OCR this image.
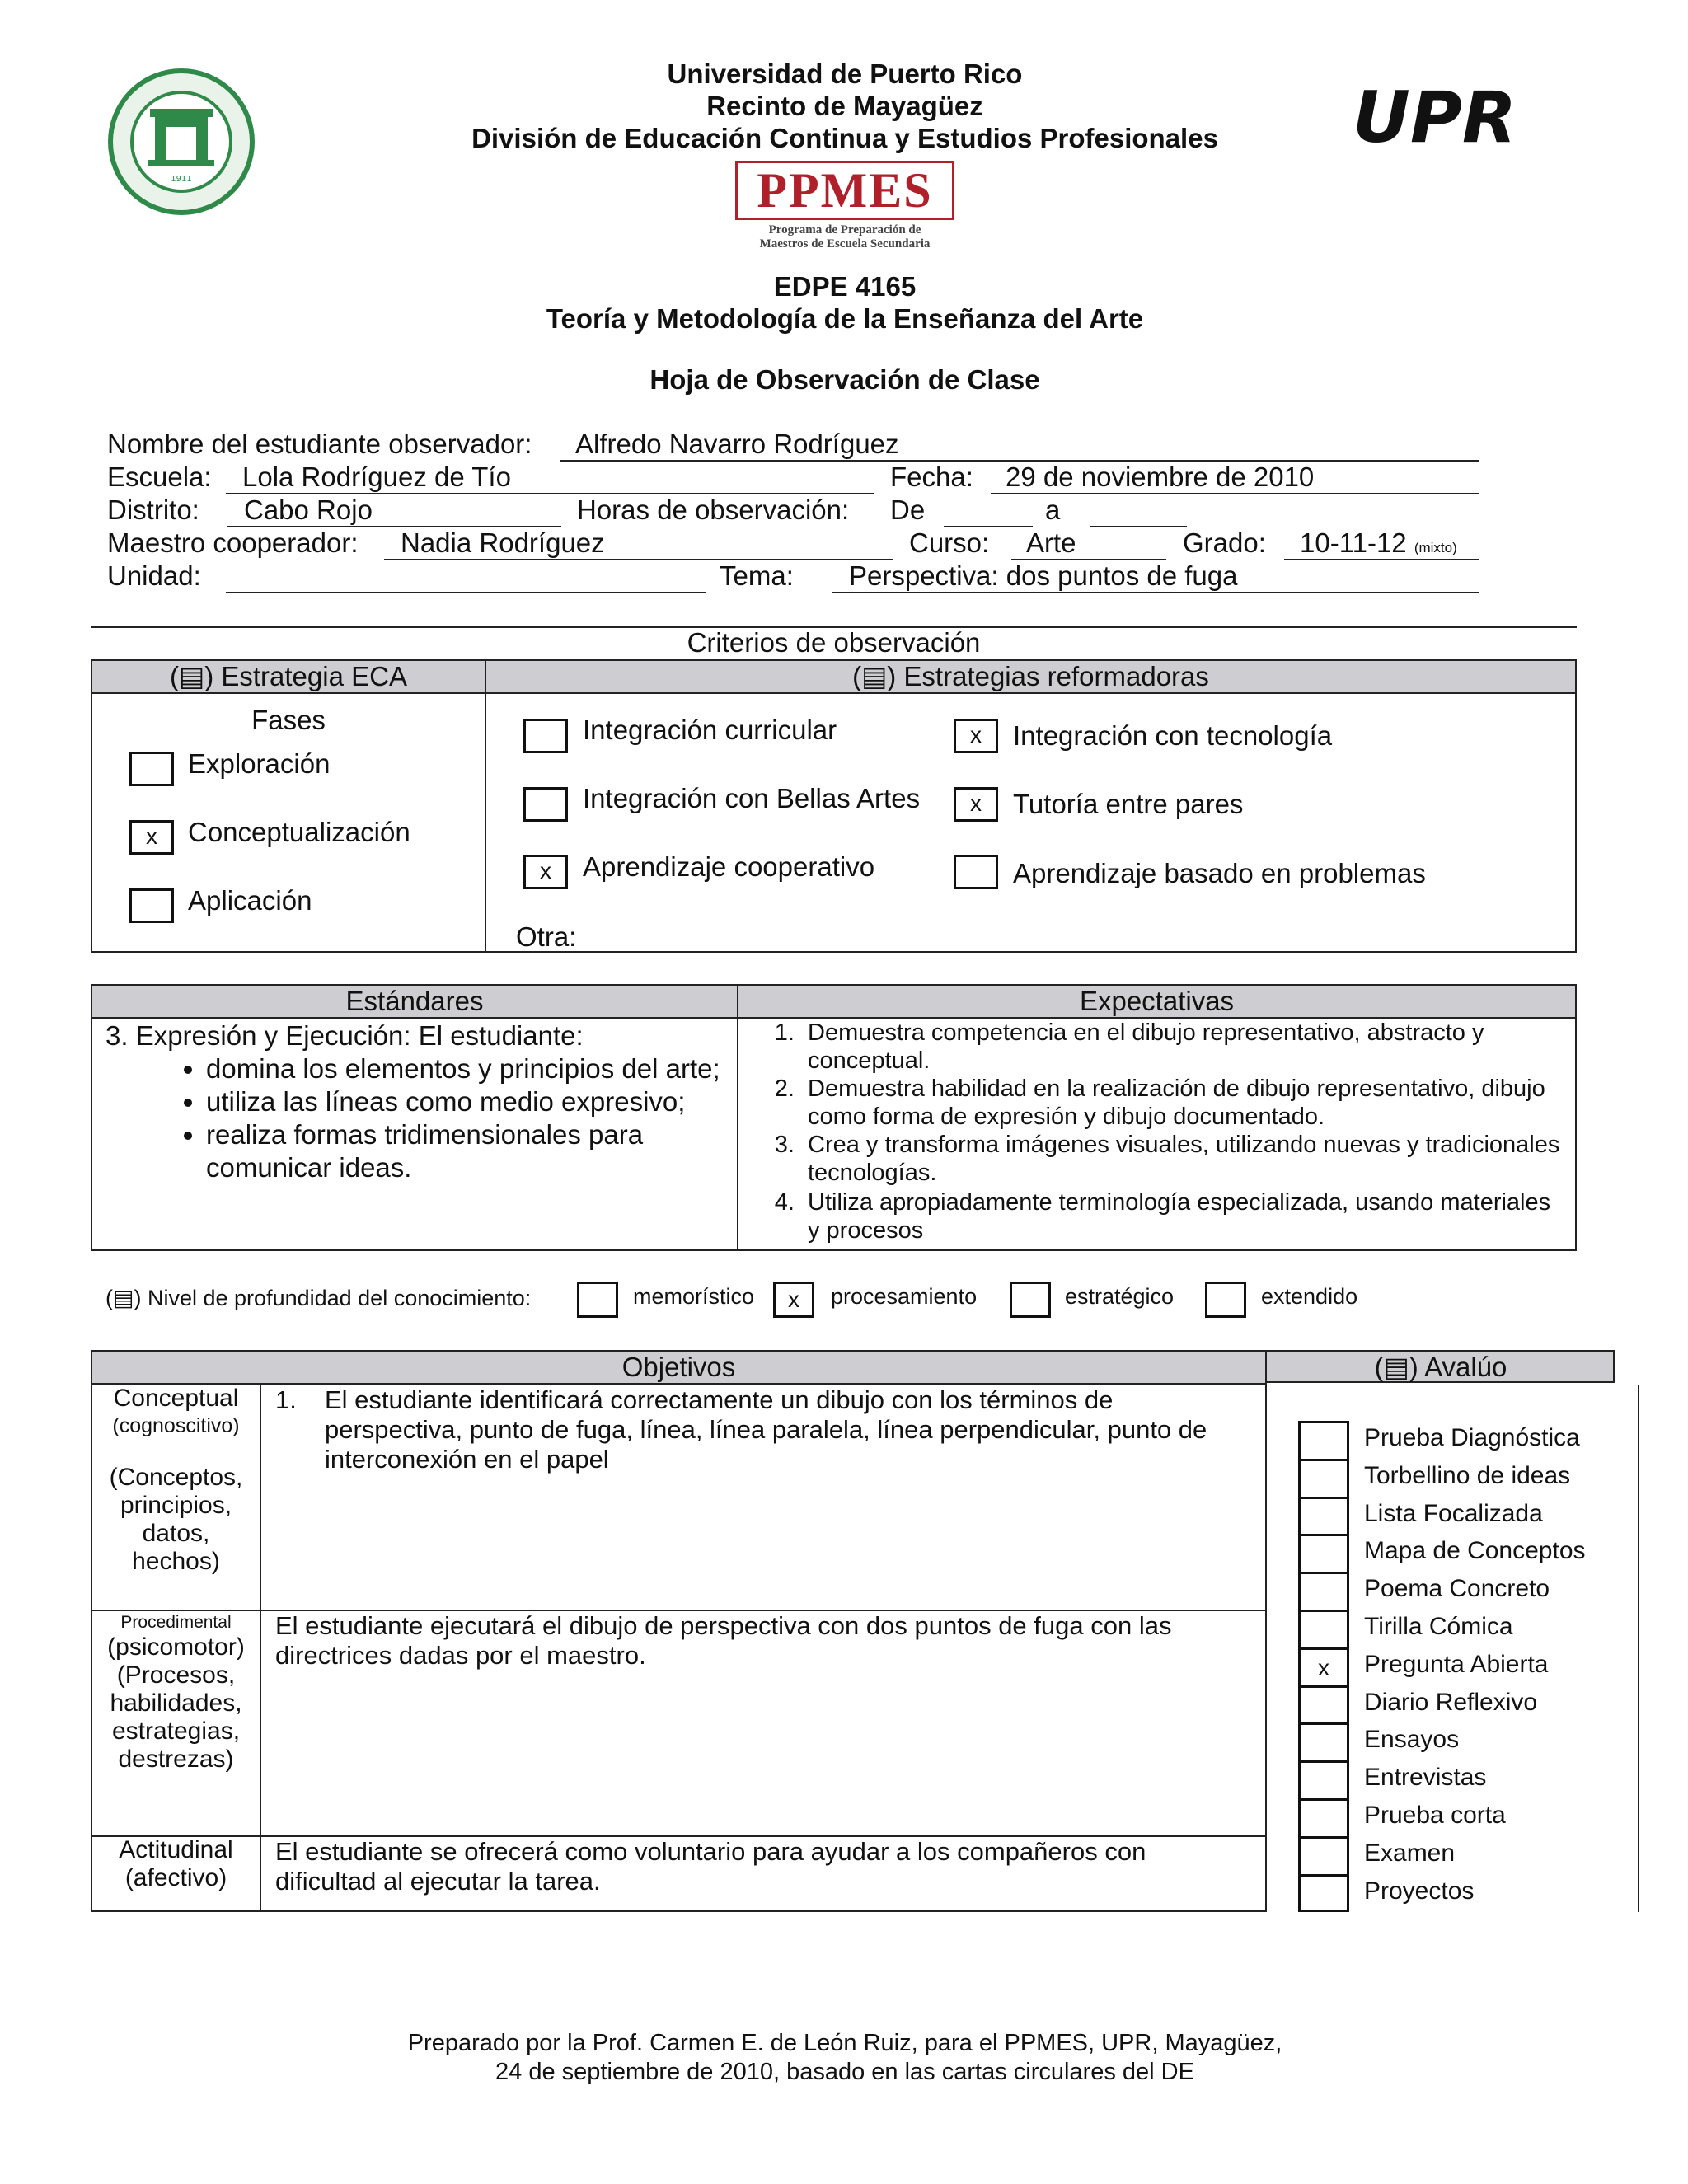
Universidad de Puerto Rico
Recinto de Mayagüez
División de Educación Continua y Estudios Profesionales
1911
UPR
PPMES
Programa de Preparación de
Maestros de Escuela Secundaria
EDPE 4165
Teoría y Metodología de la Enseñanza del Arte
Hoja de Observación de Clase
Nombre del estudiante observador: Alfredo Navarro Rodríguez
Escuela: Lola Rodríguez de Tío	Fecha: 29 de noviembre de 2010
Distrito: Cabo Rojo	Horas de observación: De	a
Maestro cooperador: Nadia Rodríguez	Curso: Arte	Grado: 10-11-12 (mixto)
Unidad:	Tema: Perspectiva: dos puntos de fuga
Criterios de observación
(▤) Estrategia ECA	(▤) Estrategias reformadoras
Fases
Exploración
x	Conceptualización
Aplicación
Integración curricular
Integración con Bellas Artes
x	Aprendizaje cooperativo
x	Integración con tecnología
x	Tutoría entre pares
Aprendizaje basado en problemas
Otra:
Estándares	Expectativas
3. Expresión y Ejecución: El estudiante:
• domina los elementos y principios del arte;
• utiliza las líneas como medio expresivo;
• realiza formas tridimensionales para comunicar ideas.
1. Demuestra competencia en el dibujo representativo, abstracto y conceptual.
2. Demuestra habilidad en la realización de dibujo representativo, dibujo como forma de expresión y dibujo documentado.
3. Crea y transforma imágenes visuales, utilizando nuevas y tradicionales tecnologías.
4. Utiliza apropiadamente terminología especializada, usando materiales y procesos
(▤) Nivel de profundidad del conocimiento:	memorístico	x	procesamiento	estratégico	extendido
Objetivos
Conceptual
(cognoscitivo)
(Conceptos, principios, datos, hechos)
1. El estudiante identificará correctamente un dibujo con los términos de perspectiva, punto de fuga, línea, línea paralela, línea perpendicular, punto de interconexión en el papel
Procedimental
(psicomotor)
(Procesos, habilidades, estrategias, destrezas)
El estudiante ejecutará el dibujo de perspectiva con dos puntos de fuga con las directrices dadas por el maestro.
Actitudinal
(afectivo)
El estudiante se ofrecerá como voluntario para ayudar a los compañeros con dificultad al ejecutar la tarea.
(▤) Avalúo
Prueba Diagnóstica
Torbellino de ideas
Lista Focalizada
Mapa de Conceptos
Poema Concreto
Tirilla Cómica
x	Pregunta Abierta
Diario Reflexivo
Ensayos
Entrevistas
Prueba corta
Examen
Proyectos
Preparado por la Prof. Carmen E. de León Ruiz, para el PPMES, UPR, Mayagüez,
24 de septiembre de 2010, basado en las cartas circulares del DE
